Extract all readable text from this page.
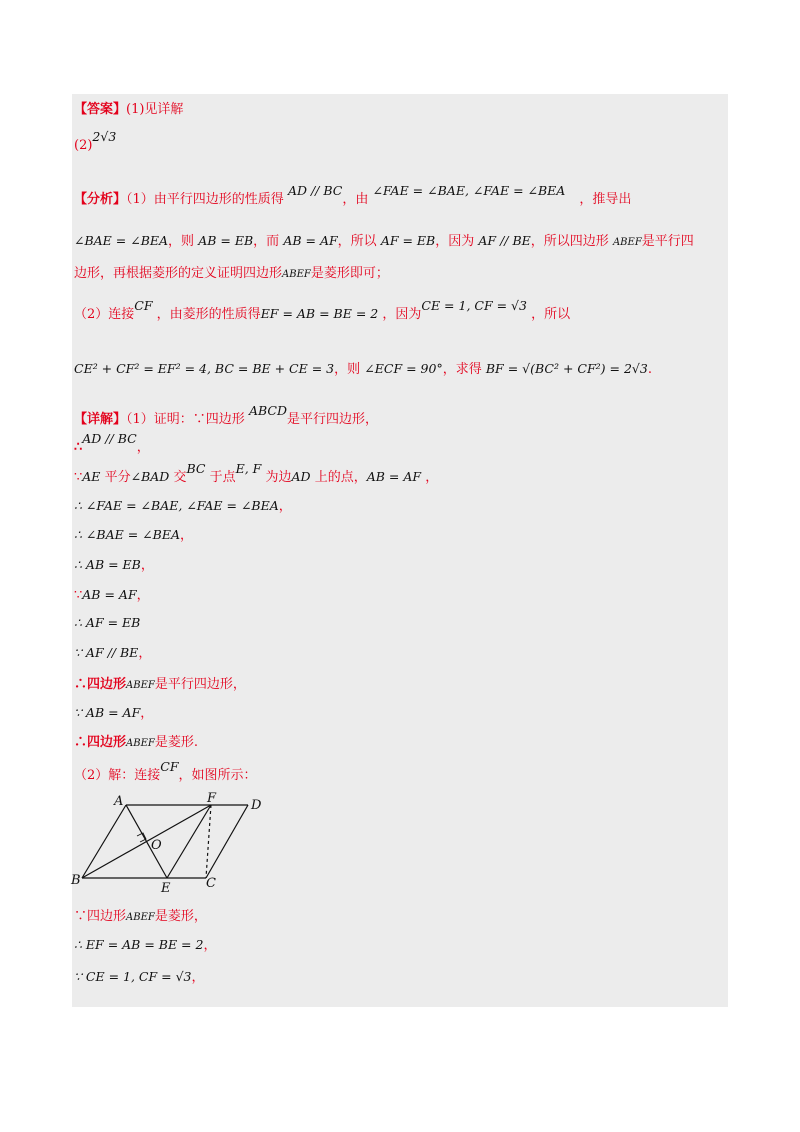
【答案】(1)见详解
(2)2√3
【分析】（1）由平行四边形的性质得 AD // BC，由 ∠FAE = ∠BAE, ∠FAE = ∠BEA，推导出
∠BAE = ∠BEA，则 AB = EB，而 AB = AF，所以 AF = EB，因为 AF // BE，所以四边形 ABEF是平行四
边形，再根据菱形的定义证明四边形ABEF是菱形即可；
（2）连接CF ，由菱形的性质得EF = AB = BE = 2 ，因为CE = 1, CF = √3 ，所以
CE² + CF² = EF² = 4, BC = BE + CE = 3，则 ∠ECF = 90°，求得 BF = √(BC² + CF²) = 2√3.
【详解】（1）证明：∵四边形 ABCD是平行四边形，
∴AD // BC，
∵AE 平分∠BAD 交BC 于点E, F 为边AD 上的点，AB = AF ，
∴ ∠FAE = ∠BAE, ∠FAE = ∠BEA，
∴ ∠BAE = ∠BEA，
∴ AB = EB，
∵AB = AF，
∴ AF = EB
∵ AF // BE，
∴四边形ABEF是平行四边形，
∵ AB = AF，
∴四边形ABEF是菱形.
（2）解：连接CF，如图所示：
A	F	D
B
E	C
O
∵四边形ABEF是菱形，
∴ EF = AB = BE = 2，
∵ CE = 1, CF = √3，
